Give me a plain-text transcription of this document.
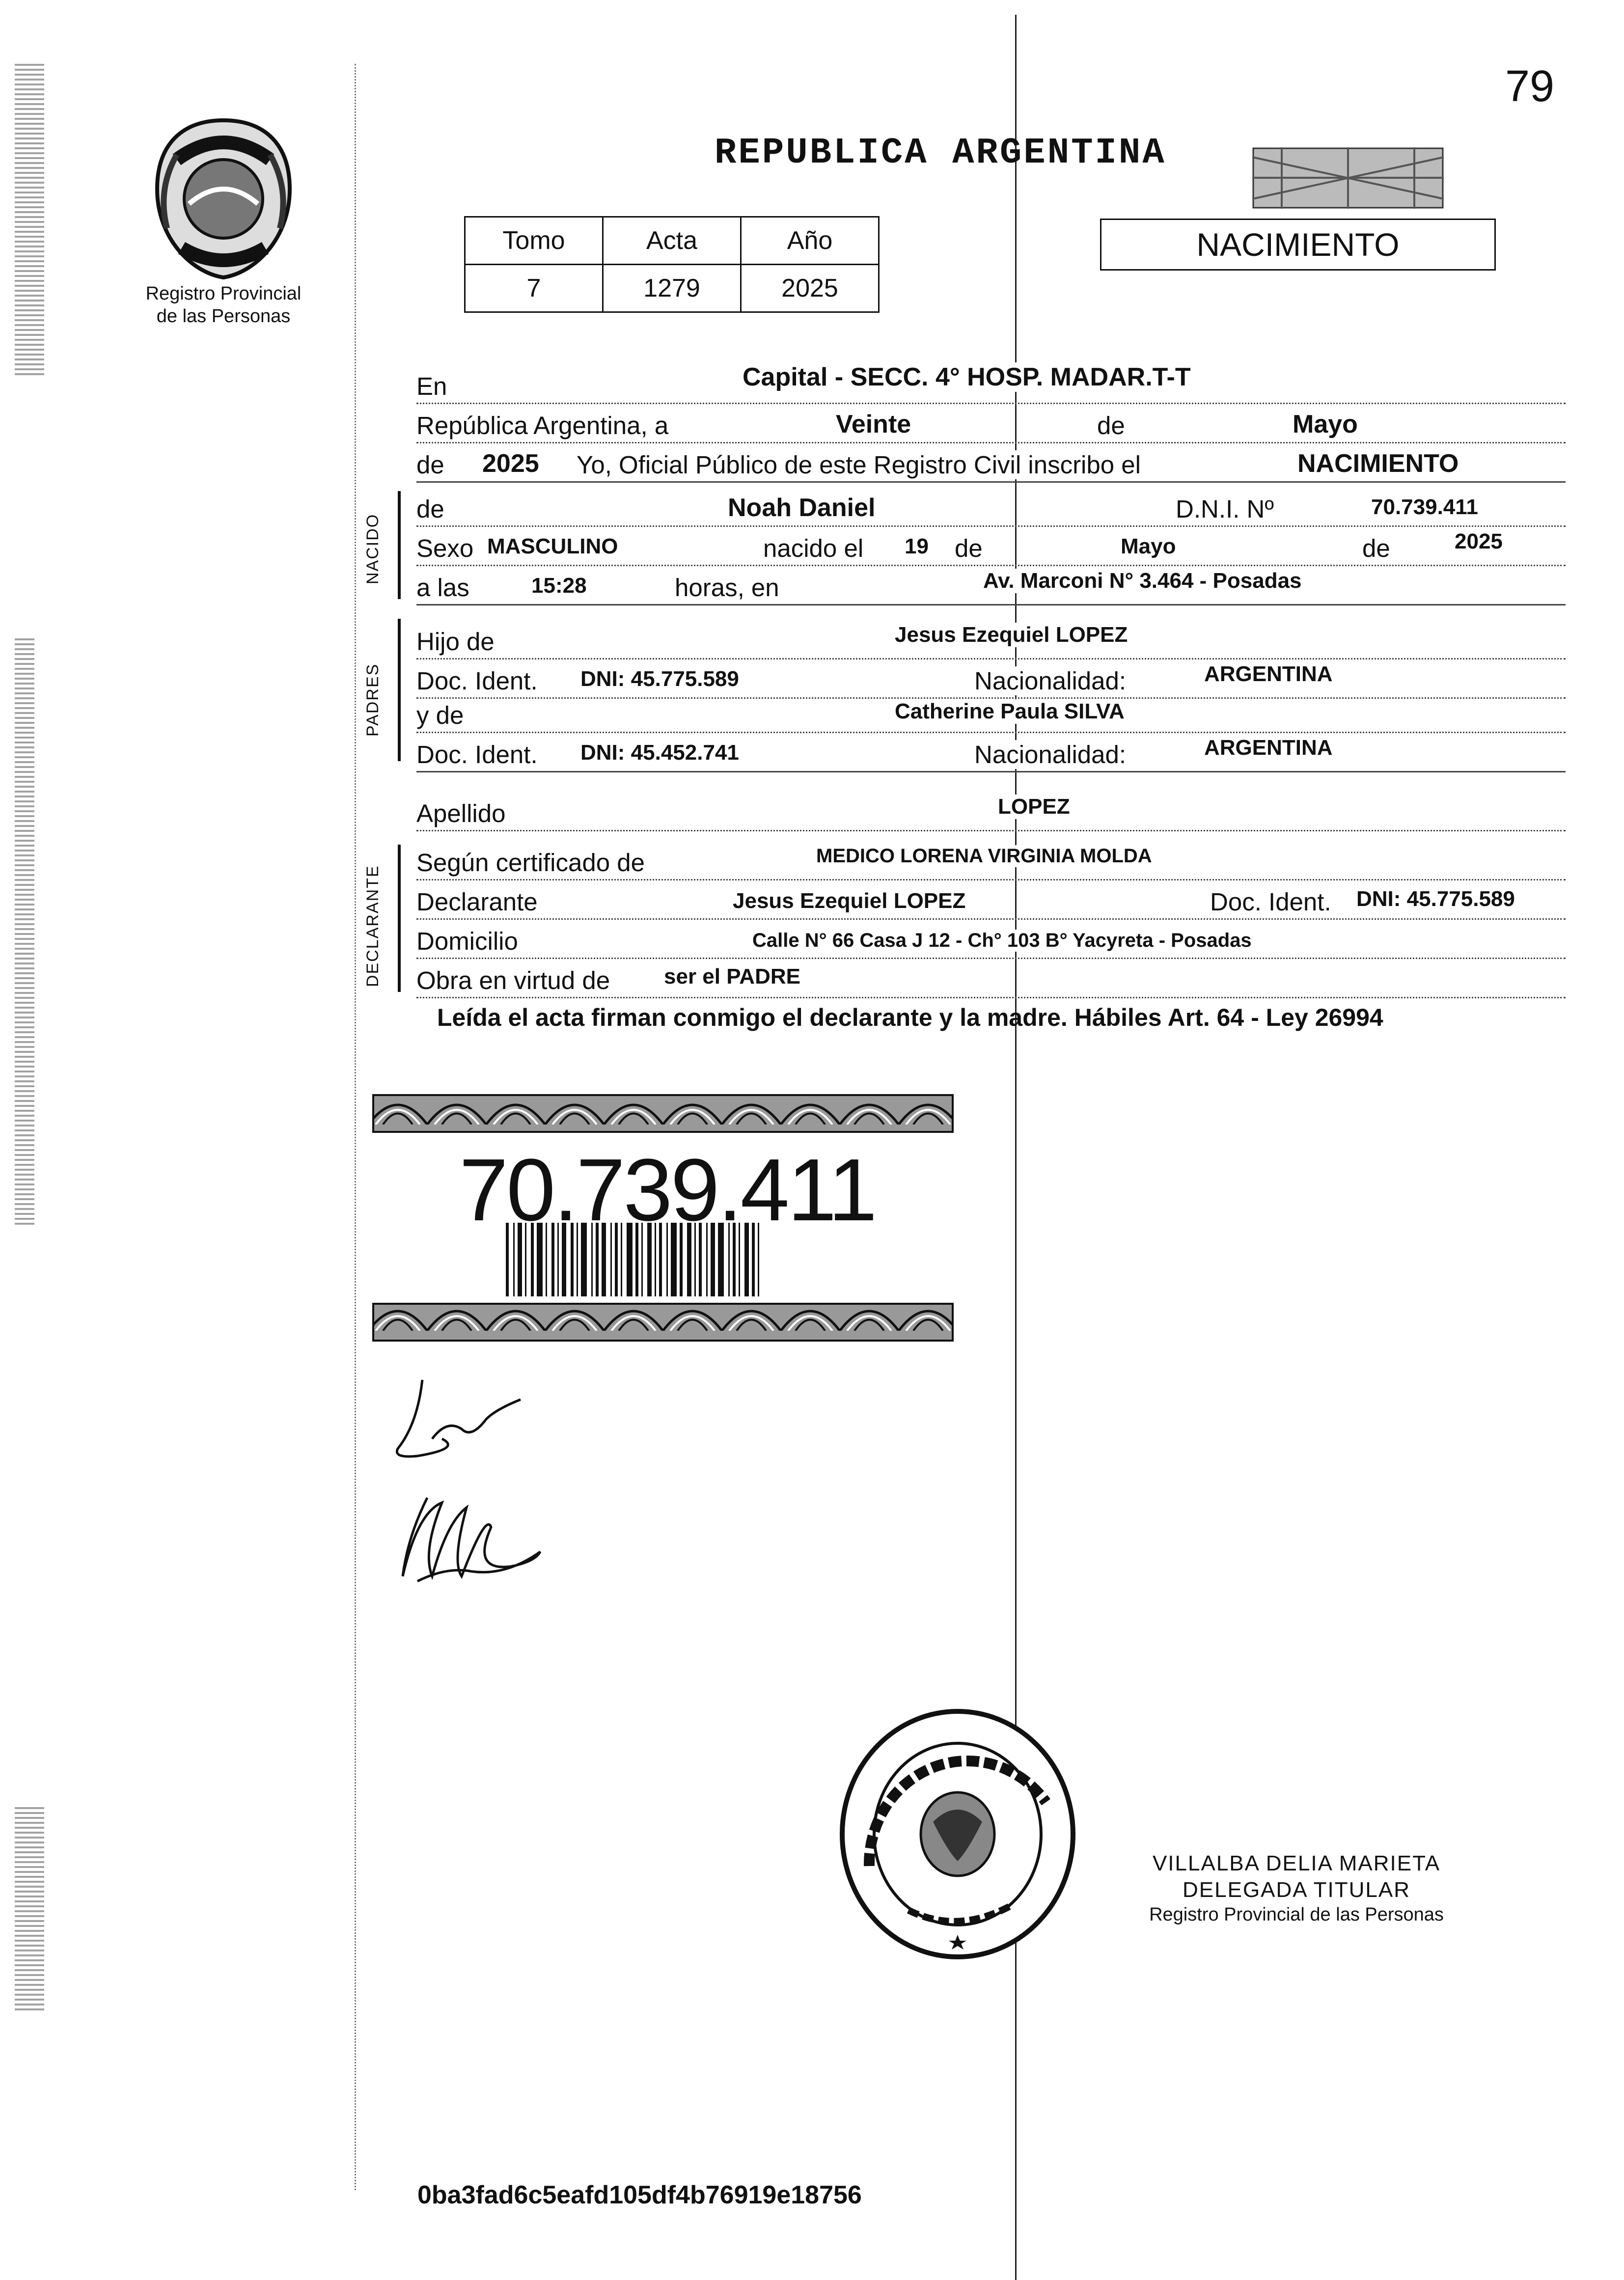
79
Registro Provincial
de las Personas
REPUBLICA ARGENTINA
Tomo	Acta	Año
7	1279	2025
NACIMIENTO
En	Capital - SECC. 4° HOSP. MADAR.T-T
República Argentina, a	Veinte	de	Mayo
de 2025 Yo, Oficial Público de este Registro Civil inscribo el	NACIMIENTO
NACIDO
de	Noah Daniel	D.N.I. Nº	70.739.411
Sexo MASCULINO	nacido el 19 de	Mayo	de	2025
a las	15:28	horas, en	Av. Marconi N° 3.464 - Posadas
PADRES
Hijo de	Jesus Ezequiel LOPEZ
Doc. Ident. DNI: 45.775.589	Nacionalidad:	ARGENTINA
y de	Catherine Paula SILVA
Doc. Ident. DNI: 45.452.741	Nacionalidad:	ARGENTINA
Apellido	LOPEZ
DECLARANTE
Según certificado de	MEDICO LORENA VIRGINIA MOLDA
Declarante	Jesus Ezequiel LOPEZ	Doc. Ident. DNI: 45.775.589
Domicilio	Calle N° 66 Casa J 12 - Ch° 103 B° Yacyreta - Posadas
Obra en virtud de ser el PADRE
Leída el acta firman conmigo el declarante y la madre. Hábiles Art. 64 - Ley 26994
70.739.411
VILLALBA DELIA MARIETA
DELEGADA TITULAR
Registro Provincial de las Personas
0ba3fad6c5eafd105df4b76919e18756
